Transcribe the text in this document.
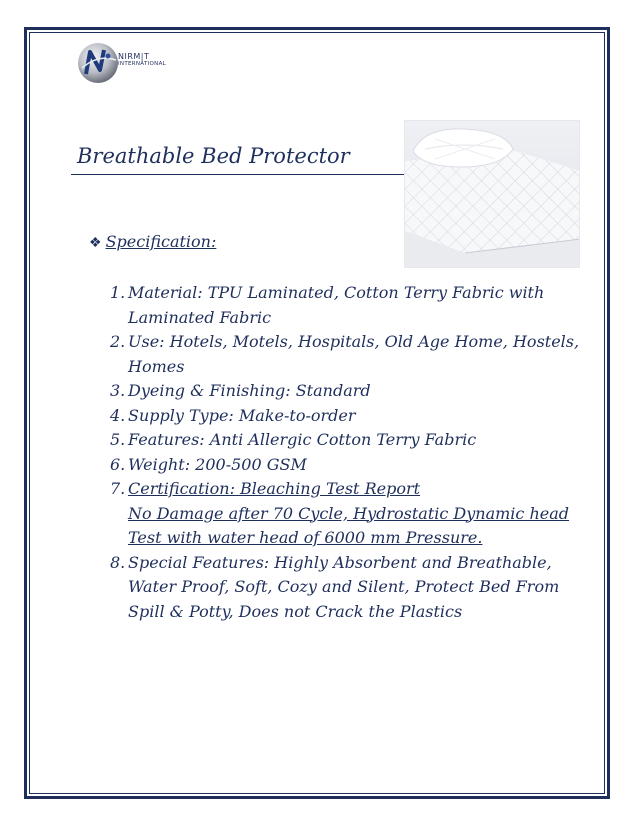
NIRM|T
INTERNATIONAL
Breathable Bed Protector
❖ Specification:
1. Material: TPU Laminated, Cotton Terry Fabric with Laminated Fabric
2. Use: Hotels, Motels, Hospitals, Old Age Home, Hostels, Homes
3. Dyeing & Finishing: Standard
4. Supply Type: Make-to-order
5. Features: Anti Allergic Cotton Terry Fabric
6. Weight: 200-500 GSM
7. Certification: Bleaching Test Report
No Damage after 70 Cycle, Hydrostatic Dynamic head
Test with water head of 6000 mm Pressure.
8. Special Features: Highly Absorbent and Breathable, Water Proof, Soft, Cozy and Silent, Protect Bed From Spill & Potty, Does not Crack the Plastics
